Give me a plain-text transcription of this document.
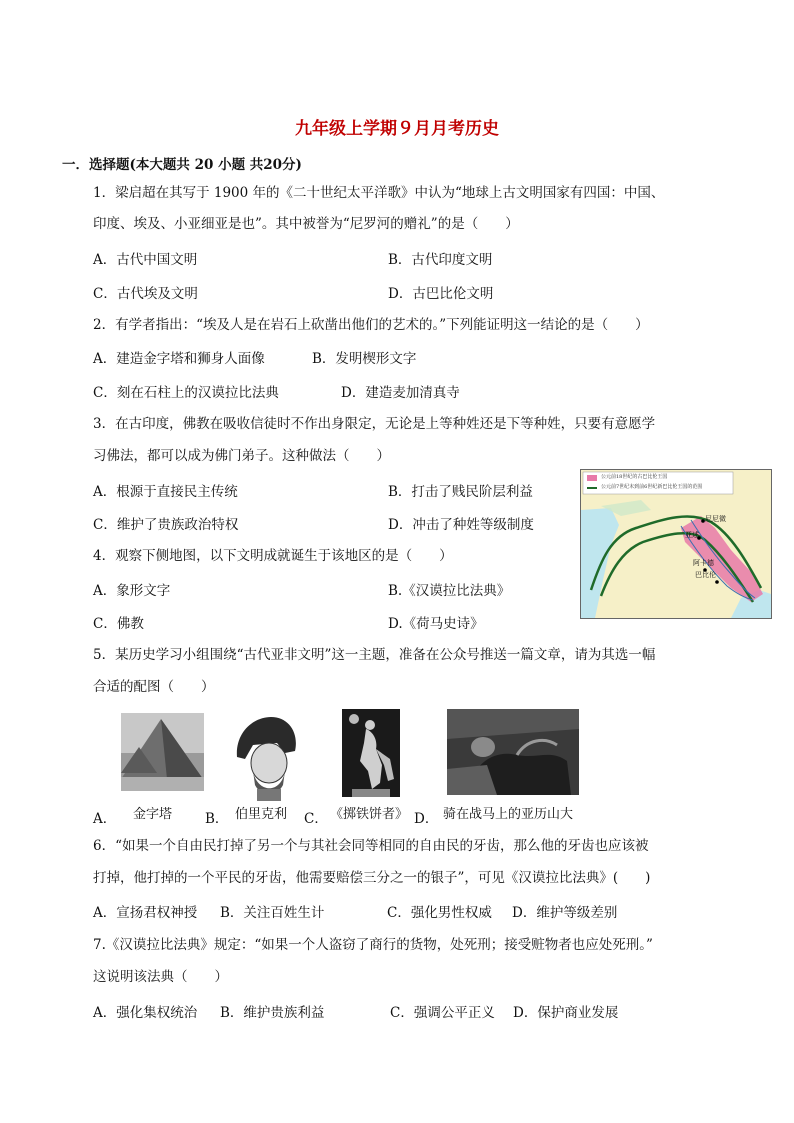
九年级上学期９月月考历史
一．选择题(本大题共 20 小题 共20分)
1．梁启超在其写于 1900 年的《二十世纪太平洋歌》中认为“地球上古文明国家有四国：中国、
印度、埃及、小亚细亚是也”。其中被誉为“尼罗河的赠礼”的是（　　）
A．古代中国文明	B．古代印度文明
C．古代埃及文明	D．古巴比伦文明
2．有学者指出：“埃及人是在岩石上砍凿出他们的艺术的。”下列能证明这一结论的是（　　）
A．建造金字塔和狮身人面像	B．发明楔形文字
C．刻在石柱上的汉谟拉比法典	D．建造麦加清真寺
3．在古印度，佛教在吸收信徒时不作出身限定，无论是上等种姓还是下等种姓，只要有意愿学
习佛法，都可以成为佛门弟子。这种做法（　　）
A．根源于直接民主传统	B．打击了贱民阶层利益
C．维护了贵族政治特权	D．冲击了种姓等级制度
4．观察下侧地图，以下文明成就诞生于该地区的是（　　）
A．象形文字	B.《汉谟拉比法典》
C．佛教	D.《荷马史诗》
公元前18世纪的古巴比伦王国
公元前7世纪末到前6世纪新巴比伦王国的范围
尼尼微
亚述
阿卡德
巴比伦
5．某历史学习小组围绕“古代亚非文明”这一主题，准备在公众号推送一篇文章，请为其选一幅
合适的配图（　　）
A． 金字塔 B． 伯里克利 C． 《掷铁饼者》 D． 骑在战马上的亚历山大
6．“如果一个自由民打掉了另一个与其社会同等相同的自由民的牙齿，那么他的牙齿也应该被
打掉，他打掉的一个平民的牙齿，他需要赔偿三分之一的银子”，可见《汉谟拉比法典》(　　)
A．宣扬君权神授 B．关注百姓生计	C．强化男性权威 D．维护等级差别
7.《汉谟拉比法典》规定：“如果一个人盗窃了商行的货物，处死刑；接受赃物者也应处死刑。”
这说明该法典（　　）
A．强化集权统治 B．维护贵族利益	C．强调公平正义 D．保护商业发展
